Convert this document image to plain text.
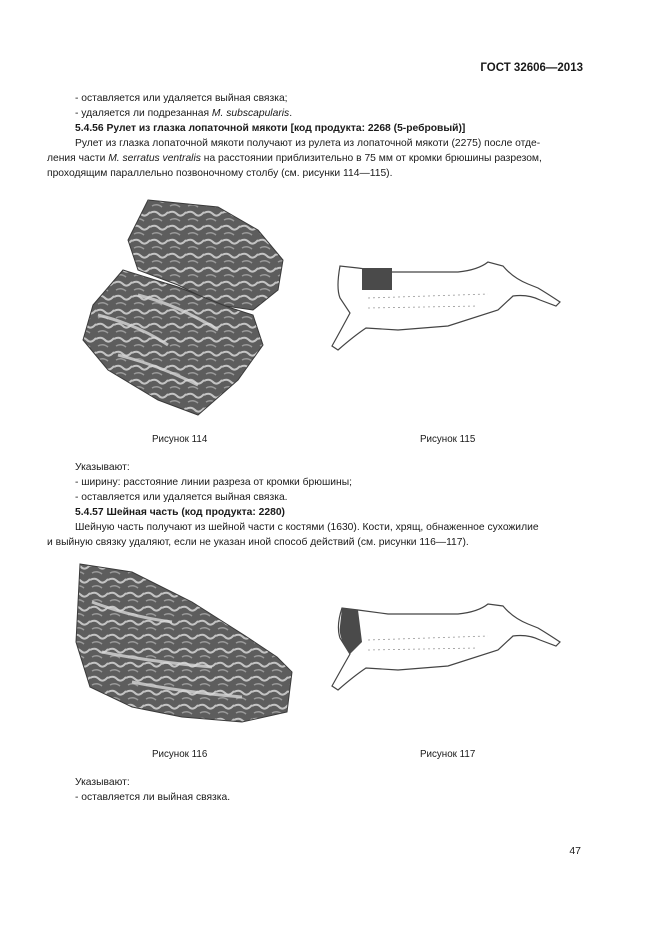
ГОСТ 32606—2013
- оставляется или удаляется выйная связка;
- удаляется ли подрезанная M. subscapularis.
5.4.56 Рулет из глазка лопаточной мякоти [код продукта: 2268 (5-ребровый)]
Рулет из глазка лопаточной мякоти получают из рулета из лопаточной мякоти (2275) после отде-
ления части M. serratus ventralis на расстоянии приблизительно в 75 мм от кромки брюшины разрезом,
проходящим параллельно позвоночному столбу (см. рисунки 114—115).
Рисунок 114	Рисунок 115
Указывают:
- ширину: расстояние линии разреза от кромки брюшины;
- оставляется или удаляется выйная связка.
5.4.57 Шейная часть (код продукта: 2280)
Шейную часть получают из шейной части с костями (1630). Кости, хрящ, обнаженное сухожилие
и выйную связку удаляют, если не указан иной способ действий (см. рисунки 116—117).
Рисунок 116	Рисунок 117
Указывают:
- оставляется ли выйная связка.
47
